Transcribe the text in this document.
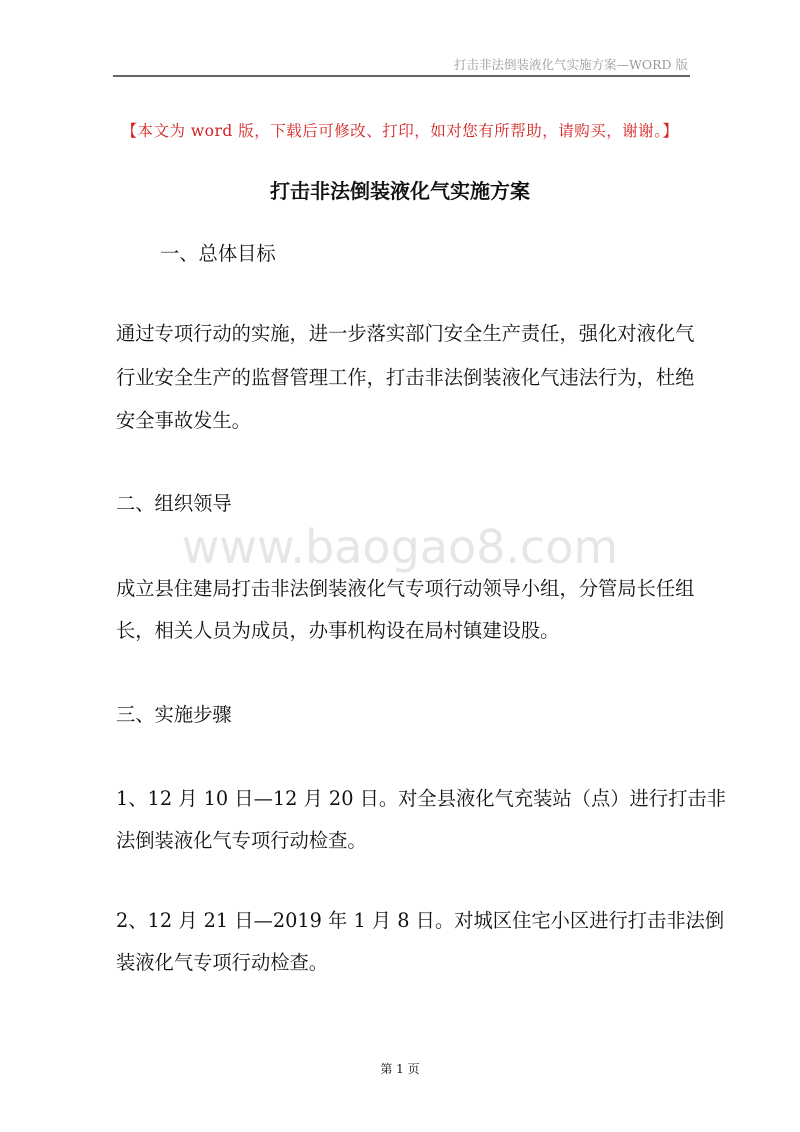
打击非法倒装液化气实施方案—WORD 版
【本文为 word 版，下载后可修改、打印，如对您有所帮助，请购买，谢谢。】
打击非法倒装液化气实施方案
一、总体目标
通过专项行动的实施，进一步落实部门安全生产责任，强化对液化气
行业安全生产的监督管理工作，打击非法倒装液化气违法行为，杜绝
安全事故发生。
二、组织领导
www.baogao8.com
成立县住建局打击非法倒装液化气专项行动领导小组，分管局长任组
长，相关人员为成员，办事机构设在局村镇建设股。
三、实施步骤
1、12 月 10 日—12 月 20 日。对全县液化气充装站（点）进行打击非
法倒装液化气专项行动检查。
2、12 月 21 日—2019 年 1 月 8 日。对城区住宅小区进行打击非法倒
装液化气专项行动检查。
第 1 页
